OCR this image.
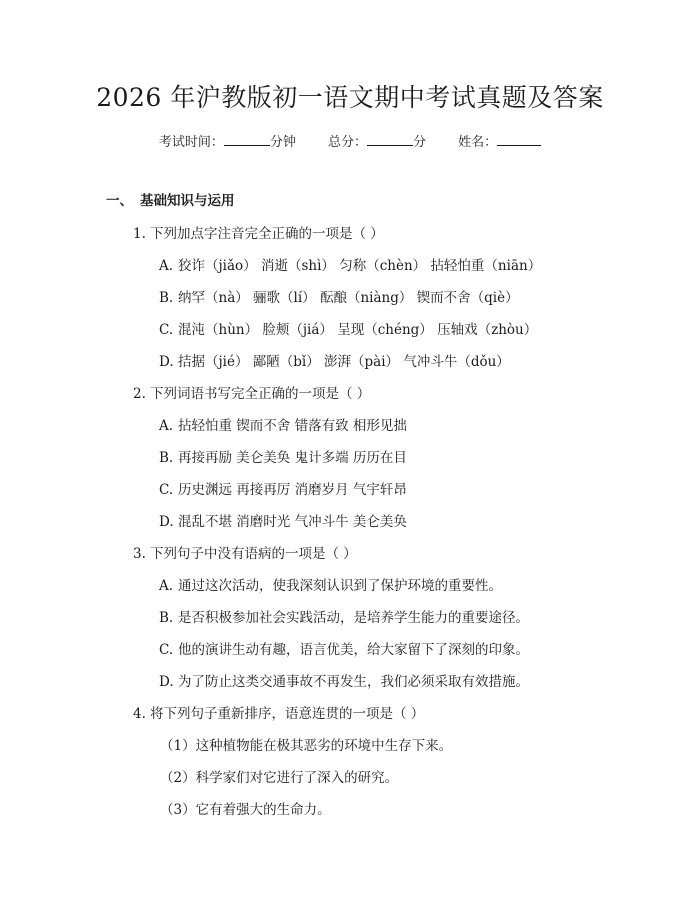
2026 年沪教版初一语文期中考试真题及答案
考试时间：	分钟 总分：	分 姓名：
一、 基础知识与运用
1. 下列加点字注音完全正确的一项是（ ）
A. 狡诈（jiǎo） 消逝（shì） 匀称（chèn） 拈轻怕重（niān）
B. 纳罕（nà） 骊歌（lí） 酝酿（niàng） 锲而不舍（qiè）
C. 混沌（hùn） 脸颊（jiá） 呈现（chéng） 压轴戏（zhòu）
D. 拮据（jié） 鄙陋（bǐ） 澎湃（pài） 气冲斗牛（dǒu）
2. 下列词语书写完全正确的一项是（ ）
A. 拈轻怕重 锲而不舍 错落有致 相形见拙
B. 再接再励 美仑美奂 鬼计多端 历历在目
C. 历史渊远 再接再厉 消磨岁月 气宇轩昂
D. 混乱不堪 消磨时光 气冲斗牛 美仑美奂
3. 下列句子中没有语病的一项是（ ）
A. 通过这次活动，使我深刻认识到了保护环境的重要性。
B. 是否积极参加社会实践活动，是培养学生能力的重要途径。
C. 他的演讲生动有趣，语言优美，给大家留下了深刻的印象。
D. 为了防止这类交通事故不再发生，我们必须采取有效措施。
4. 将下列句子重新排序，语意连贯的一项是（ ）
（1）这种植物能在极其恶劣的环境中生存下来。
（2）科学家们对它进行了深入的研究。
（3）它有着强大的生命力。
